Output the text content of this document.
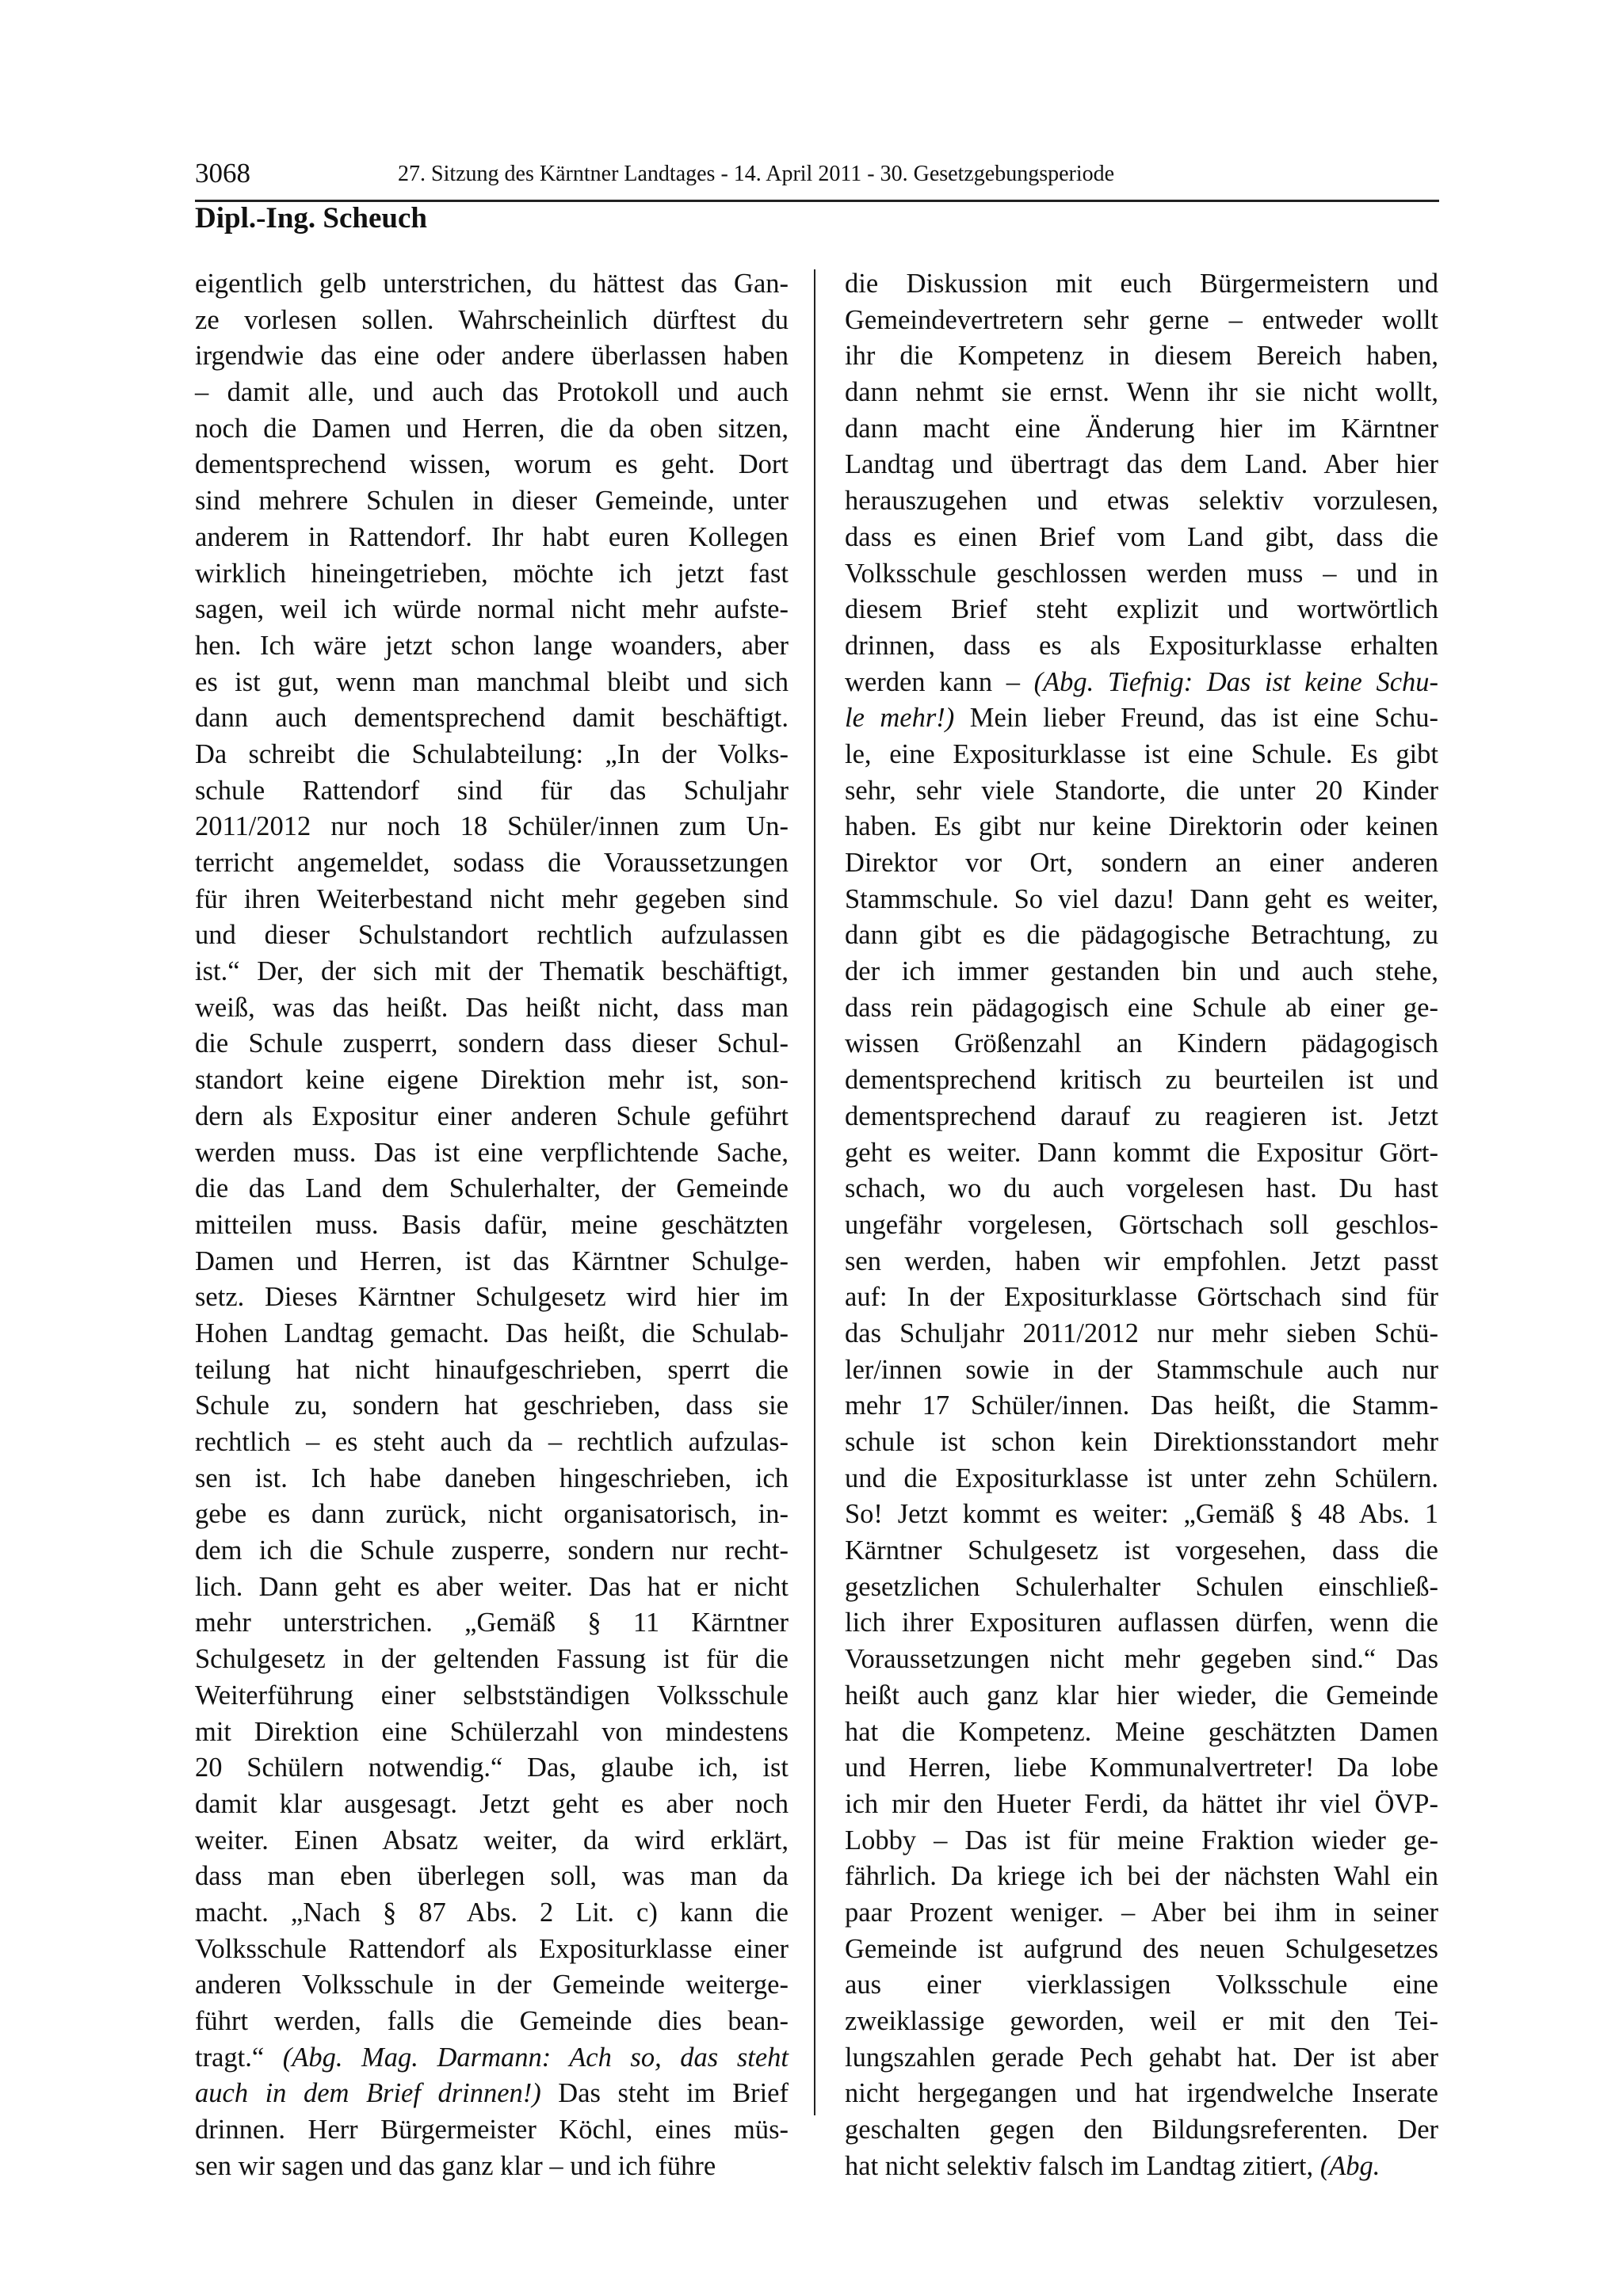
3068	27. Sitzung des Kärntner Landtages - 14. April 2011 - 30. Gesetzgebungsperiode
Dipl.-Ing. Scheuch
eigentlich gelb unterstrichen, du hättest das Gan-
ze vorlesen sollen. Wahrscheinlich dürftest du
irgendwie das eine oder andere überlassen haben
– damit alle, und auch das Protokoll und auch
noch die Damen und Herren, die da oben sitzen,
dementsprechend wissen, worum es geht. Dort
sind mehrere Schulen in dieser Gemeinde, unter
anderem in Rattendorf. Ihr habt euren Kollegen
wirklich hineingetrieben, möchte ich jetzt fast
sagen, weil ich würde normal nicht mehr aufste-
hen. Ich wäre jetzt schon lange woanders, aber
es ist gut, wenn man manchmal bleibt und sich
dann auch dementsprechend damit beschäftigt.
Da schreibt die Schulabteilung: „In der Volks-
schule Rattendorf sind für das Schuljahr
2011/2012 nur noch 18 Schüler/innen zum Un-
terricht angemeldet, sodass die Voraussetzungen
für ihren Weiterbestand nicht mehr gegeben sind
und dieser Schulstandort rechtlich aufzulassen
ist.“ Der, der sich mit der Thematik beschäftigt,
weiß, was das heißt. Das heißt nicht, dass man
die Schule zusperrt, sondern dass dieser Schul-
standort keine eigene Direktion mehr ist, son-
dern als Expositur einer anderen Schule geführt
werden muss. Das ist eine verpflichtende Sache,
die das Land dem Schulerhalter, der Gemeinde
mitteilen muss. Basis dafür, meine geschätzten
Damen und Herren, ist das Kärntner Schulge-
setz. Dieses Kärntner Schulgesetz wird hier im
Hohen Landtag gemacht. Das heißt, die Schulab-
teilung hat nicht hinaufgeschrieben, sperrt die
Schule zu, sondern hat geschrieben, dass sie
rechtlich – es steht auch da – rechtlich aufzulas-
sen ist. Ich habe daneben hingeschrieben, ich
gebe es dann zurück, nicht organisatorisch, in-
dem ich die Schule zusperre, sondern nur recht-
lich. Dann geht es aber weiter. Das hat er nicht
mehr unterstrichen. „Gemäß § 11 Kärntner
Schulgesetz in der geltenden Fassung ist für die
Weiterführung einer selbstständigen Volksschule
mit Direktion eine Schülerzahl von mindestens
20 Schülern notwendig.“ Das, glaube ich, ist
damit klar ausgesagt. Jetzt geht es aber noch
weiter. Einen Absatz weiter, da wird erklärt,
dass man eben überlegen soll, was man da
macht. „Nach § 87 Abs. 2 Lit. c) kann die
Volksschule Rattendorf als Expositurklasse einer
anderen Volksschule in der Gemeinde weiterge-
führt werden, falls die Gemeinde dies bean-
tragt.“ (Abg. Mag. Darmann: Ach so, das steht
auch in dem Brief drinnen!) Das steht im Brief
drinnen. Herr Bürgermeister Köchl, eines müs-
sen wir sagen und das ganz klar – und ich führe
die Diskussion mit euch Bürgermeistern und
Gemeindevertretern sehr gerne – entweder wollt
ihr die Kompetenz in diesem Bereich haben,
dann nehmt sie ernst. Wenn ihr sie nicht wollt,
dann macht eine Änderung hier im Kärntner
Landtag und übertragt das dem Land. Aber hier
herauszugehen und etwas selektiv vorzulesen,
dass es einen Brief vom Land gibt, dass die
Volksschule geschlossen werden muss – und in
diesem Brief steht explizit und wortwörtlich
drinnen, dass es als Expositurklasse erhalten
werden kann – (Abg. Tiefnig: Das ist keine Schu-
le mehr!) Mein lieber Freund, das ist eine Schu-
le, eine Expositurklasse ist eine Schule. Es gibt
sehr, sehr viele Standorte, die unter 20 Kinder
haben. Es gibt nur keine Direktorin oder keinen
Direktor vor Ort, sondern an einer anderen
Stammschule. So viel dazu! Dann geht es weiter,
dann gibt es die pädagogische Betrachtung, zu
der ich immer gestanden bin und auch stehe,
dass rein pädagogisch eine Schule ab einer ge-
wissen Größenzahl an Kindern pädagogisch
dementsprechend kritisch zu beurteilen ist und
dementsprechend darauf zu reagieren ist. Jetzt
geht es weiter. Dann kommt die Expositur Gört-
schach, wo du auch vorgelesen hast. Du hast
ungefähr vorgelesen, Görtschach soll geschlos-
sen werden, haben wir empfohlen. Jetzt passt
auf: In der Expositurklasse Görtschach sind für
das Schuljahr 2011/2012 nur mehr sieben Schü-
ler/innen sowie in der Stammschule auch nur
mehr 17 Schüler/innen. Das heißt, die Stamm-
schule ist schon kein Direktionsstandort mehr
und die Expositurklasse ist unter zehn Schülern.
So! Jetzt kommt es weiter: „Gemäß § 48 Abs. 1
Kärntner Schulgesetz ist vorgesehen, dass die
gesetzlichen Schulerhalter Schulen einschließ-
lich ihrer Exposituren auflassen dürfen, wenn die
Voraussetzungen nicht mehr gegeben sind.“ Das
heißt auch ganz klar hier wieder, die Gemeinde
hat die Kompetenz. Meine geschätzten Damen
und Herren, liebe Kommunalvertreter! Da lobe
ich mir den Hueter Ferdi, da hättet ihr viel ÖVP-
Lobby – Das ist für meine Fraktion wieder ge-
fährlich. Da kriege ich bei der nächsten Wahl ein
paar Prozent weniger. – Aber bei ihm in seiner
Gemeinde ist aufgrund des neuen Schulgesetzes
aus einer vierklassigen Volksschule eine
zweiklassige geworden, weil er mit den Tei-
lungszahlen gerade Pech gehabt hat. Der ist aber
nicht hergegangen und hat irgendwelche Inserate
geschalten gegen den Bildungsreferenten. Der
hat nicht selektiv falsch im Landtag zitiert, (Abg.
